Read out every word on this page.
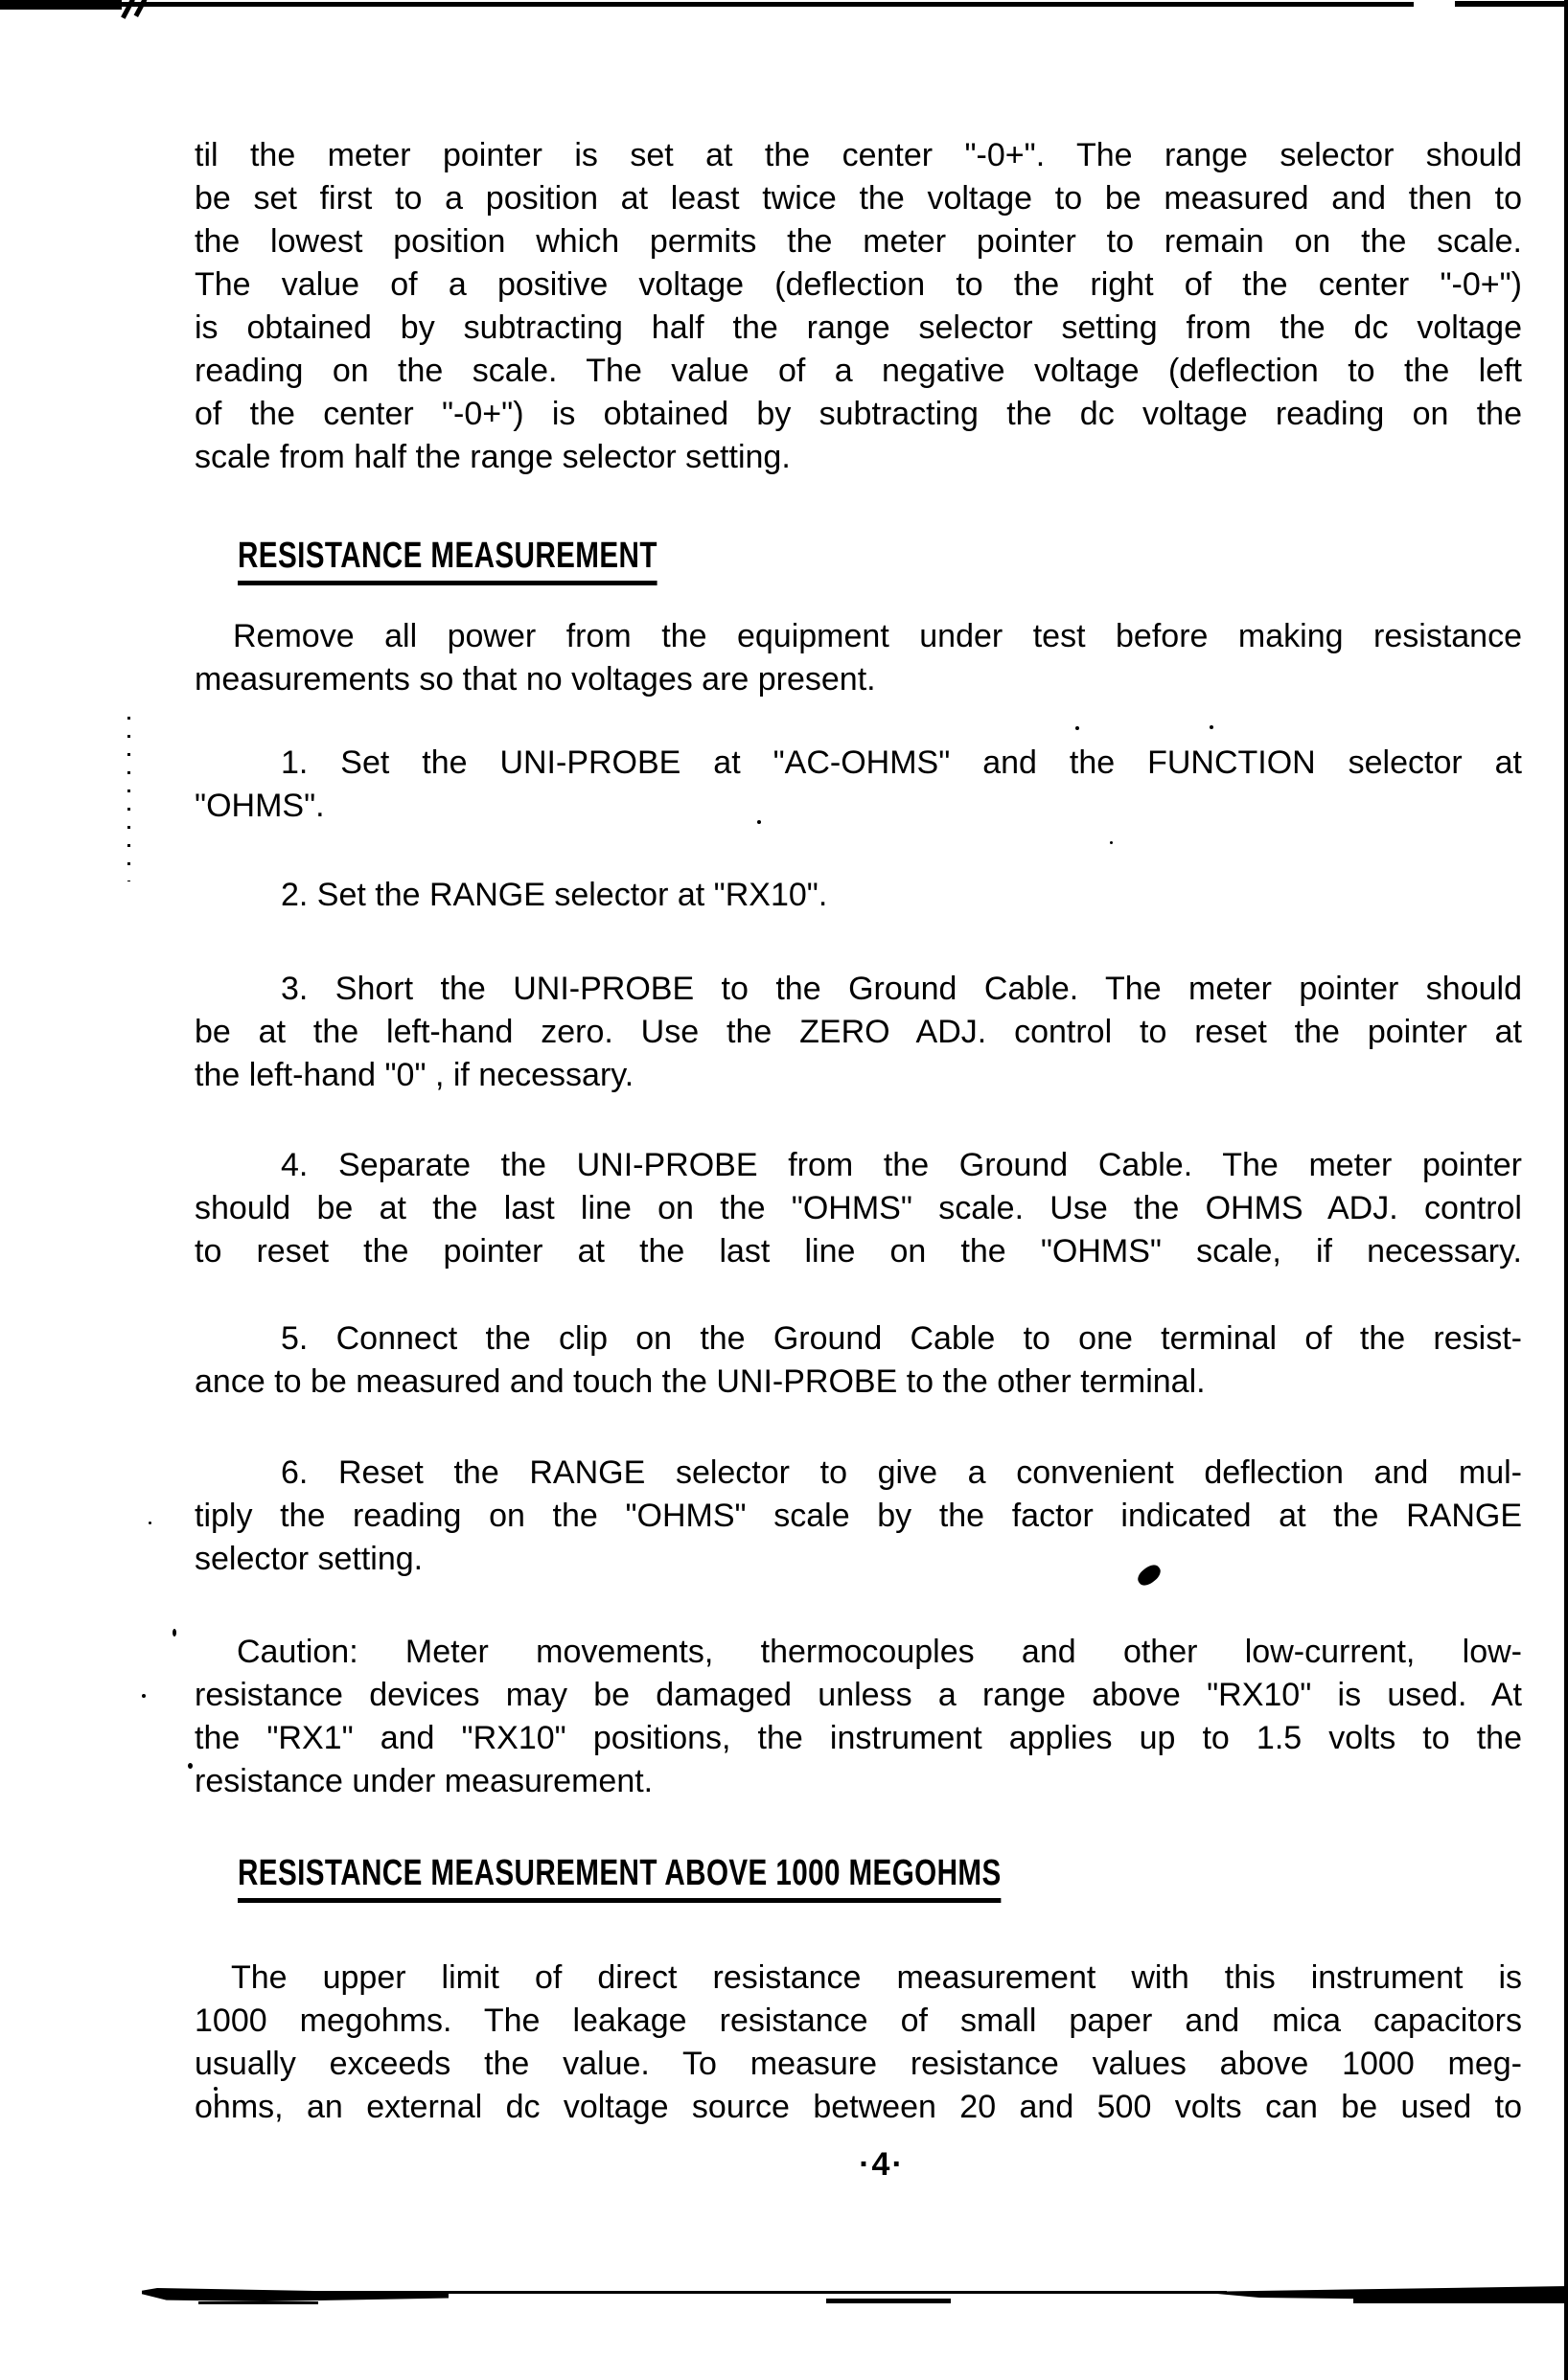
til the meter pointer is set at the center "-0+". The range selector should
be set first to a position at least twice the voltage to be measured and then to
the lowest position which permits the meter pointer to remain on the scale.
The value of a positive voltage (deflection to the right of the center "-0+")
is obtained by subtracting half the range selector setting from the dc voltage
reading on the scale. The value of a negative voltage (deflection to the left
of the center "-0+") is obtained by subtracting the dc voltage reading on the
scale from half the range selector setting.
RESISTANCE MEASUREMENT
Remove all power from the equipment under test before making resistance
measurements so that no voltages are present.
1. Set the UNI-PROBE at "AC-OHMS" and the FUNCTION selector at
"OHMS".
2. Set the RANGE selector at "RX10".
3. Short the UNI-PROBE to the Ground Cable. The meter pointer should
be at the left-hand zero. Use the ZERO ADJ. control to reset the pointer at
the left-hand "0" , if necessary.
4. Separate the UNI-PROBE from the Ground Cable. The meter pointer
should be at the last line on the "OHMS" scale. Use the OHMS ADJ. control
to reset the pointer at the last line on the "OHMS" scale, if necessary.
5. Connect the clip on the Ground Cable to one terminal of the resist-
ance to be measured and touch the UNI-PROBE to the other terminal.
6. Reset the RANGE selector to give a convenient deflection and mul-
tiply the reading on the "OHMS" scale by the factor indicated at the RANGE
selector setting.
Caution: Meter movements, thermocouples and other low-current, low-
resistance devices may be damaged unless a range above "RX10" is used. At
the "RX1" and "RX10" positions, the instrument applies up to 1.5 volts to the
resistance under measurement.
RESISTANCE MEASUREMENT ABOVE 1000 MEGOHMS
The upper limit of direct resistance measurement with this instrument is
1000 megohms. The leakage resistance of small paper and mica capacitors
usually exceeds the value. To measure resistance values above 1000 meg-
ohms, an external dc voltage source between 20 and 500 volts can be used to
·4·
